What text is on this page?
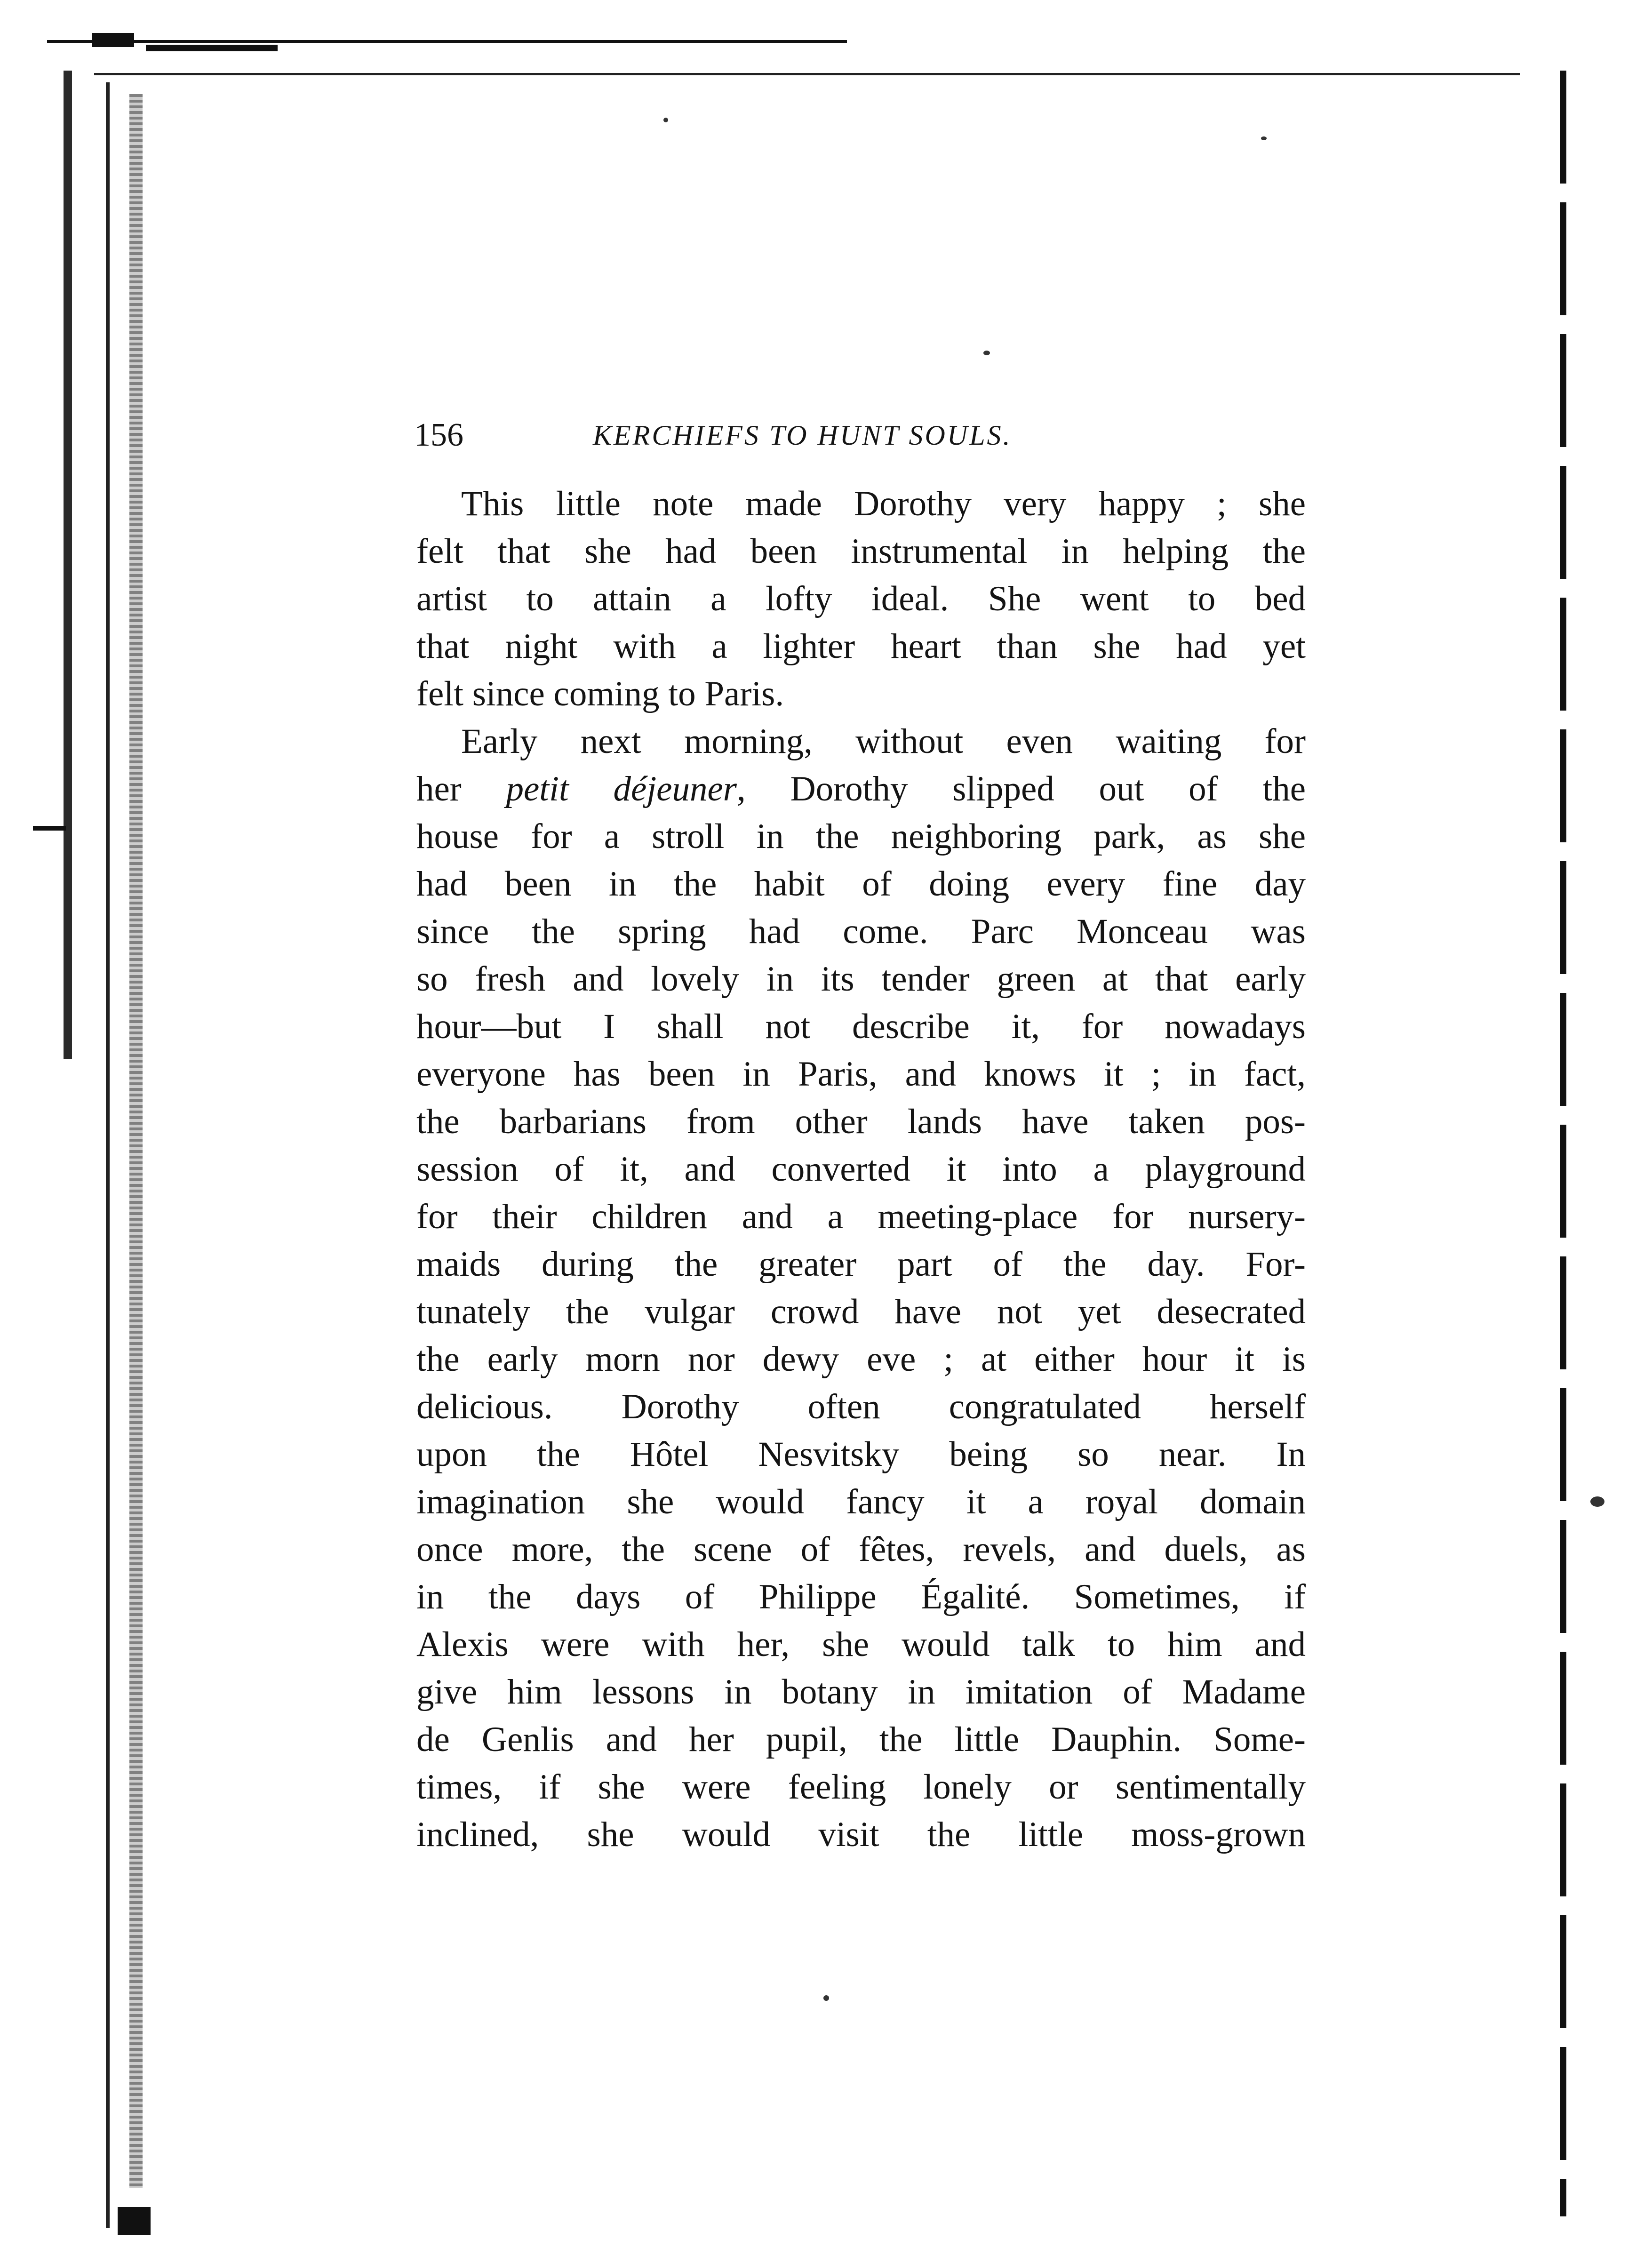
156	KERCHIEFS TO HUNT SOULS.
This little note made Dorothy very happy ; she
felt that she had been instrumental in helping the
artist to attain a lofty ideal. She went to bed
that night with a lighter heart than she had yet
felt since coming to Paris.
Early next morning, without even waiting for
her petit déjeuner, Dorothy slipped out of the
house for a stroll in the neighboring park, as she
had been in the habit of doing every fine day
since the spring had come. Parc Monceau was
so fresh and lovely in its tender green at that early
hour—but I shall not describe it, for nowadays
everyone has been in Paris, and knows it ; in fact,
the barbarians from other lands have taken pos-
session of it, and converted it into a playground
for their children and a meeting-place for nursery-
maids during the greater part of the day. For-
tunately the vulgar crowd have not yet desecrated
the early morn nor dewy eve ; at either hour it is
delicious. Dorothy often congratulated herself
upon the Hôtel Nesvitsky being so near. In
imagination she would fancy it a royal domain
once more, the scene of fêtes, revels, and duels, as
in the days of Philippe Égalité. Sometimes, if
Alexis were with her, she would talk to him and
give him lessons in botany in imitation of Madame
de Genlis and her pupil, the little Dauphin. Some-
times, if she were feeling lonely or sentimentally
inclined, she would visit the little moss-grown
